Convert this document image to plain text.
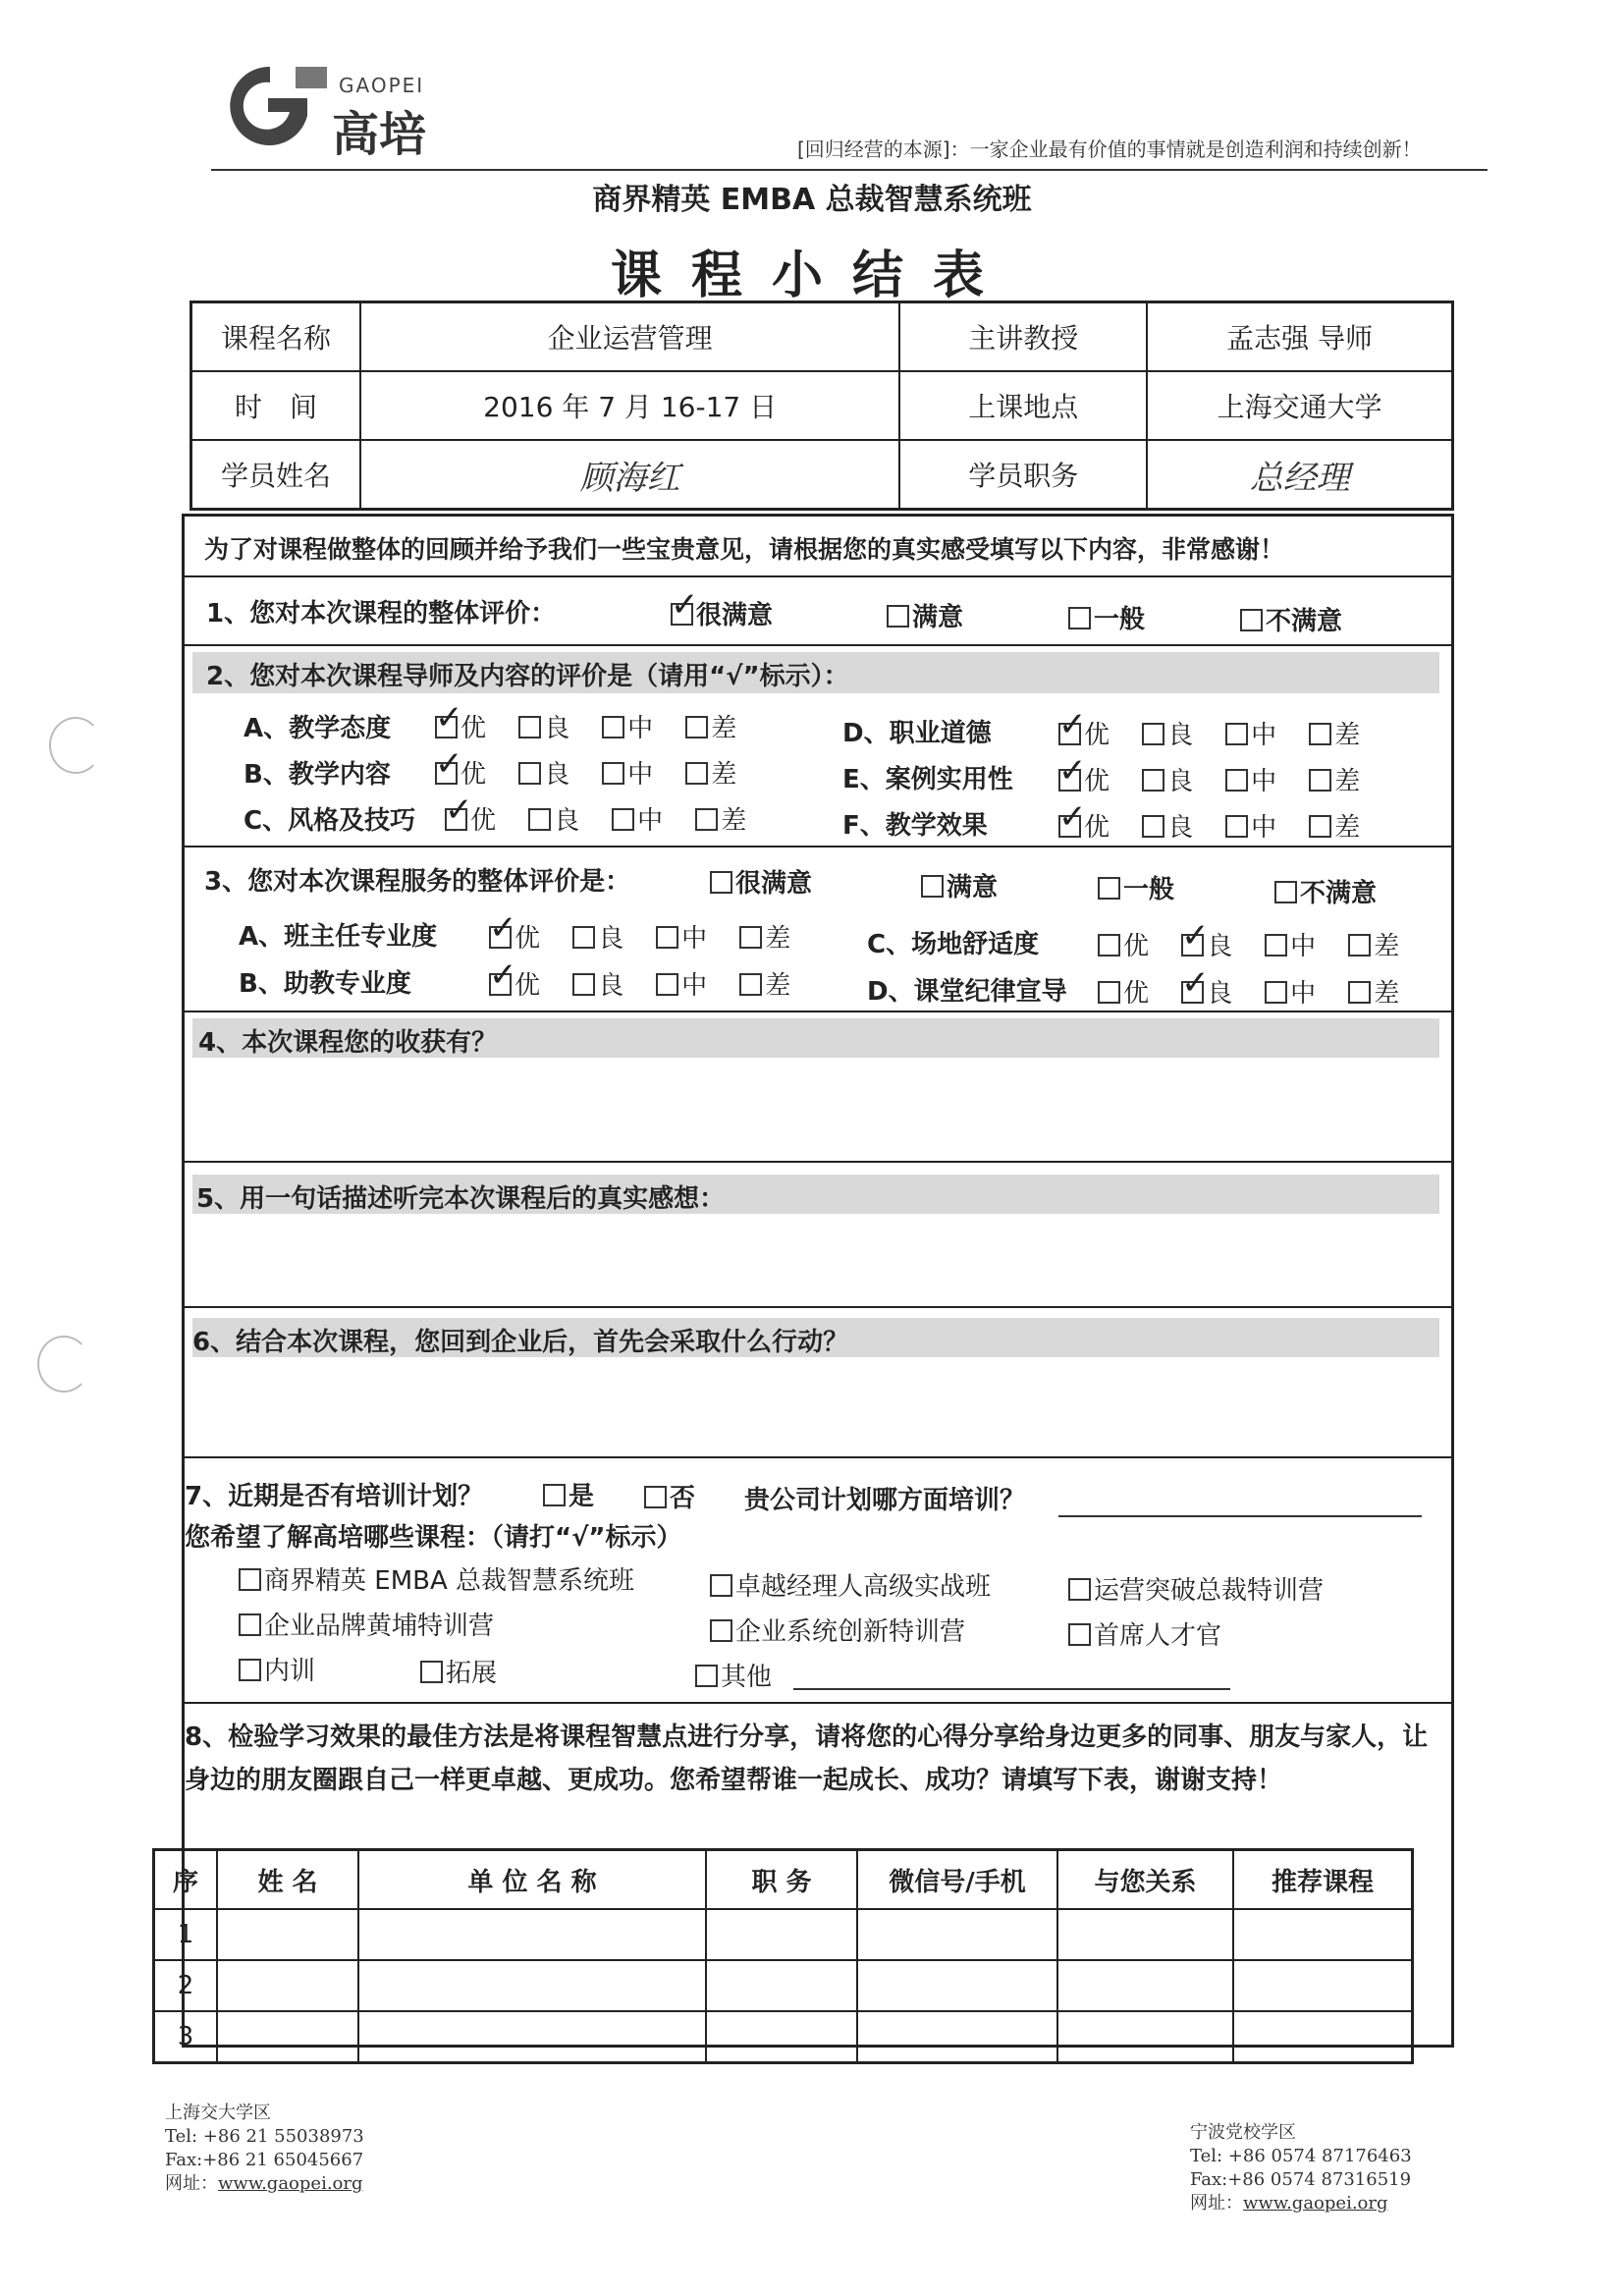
GAOPEI
高培	[回归经营的本源]：一家企业最有价值的事情就是创造利润和持续创新！
商界精英 EMBA 总裁智慧系统班
课程小结表
课程名称	企业运营管理	主讲教授	孟志强 导师
时　间	2016 年 7 月 16-17 日	上课地点	上海交通大学
学员姓名	顾海红	学员职务	总经理
为了对课程做整体的回顾并给予我们一些宝贵意见，请根据您的真实感受填写以下内容，非常感谢！
1、您对本次课程的整体评价： ✓	很满意	满意	一般	不满意
2、您对本次课程导师及内容的评价是（请用“√”标示）：
A、教学态度 ✓	优 良 中 差
B、教学内容 ✓	优 良 中 差
C、风格及技巧 ✓	优 良 中 差
D、职业道德 ✓	优 良 中 差
E、案例实用性 ✓	优 良 中 差
F、教学效果 ✓	优 良 中 差
3、您对本次课程服务的整体评价是：	很满意	满意	一般	不满意
A、班主任专业度 ✓	优 良 中 差
B、助教专业度 ✓	优 良 中 差
C、场地舒适度	优 ✓ 良 中 差
D、课堂纪律宣导	优 ✓ 良 中 差
4、本次课程您的收获有？
5、用一句话描述听完本次课程后的真实感想：
6、结合本次课程，您回到企业后，首先会采取什么行动？
7、近期是否有培训计划？	是	否 贵公司计划哪方面培训？
您希望了解高培哪些课程：（请打“√”标示）
商界精英 EMBA 总裁智慧系统班	卓越经理人高级实战班	运营突破总裁特训营
企业品牌黄埔特训营	企业系统创新特训营	首席人才官
内训	拓展	其他
8、检验学习效果的最佳方法是将课程智慧点进行分享，请将您的心得分享给身边更多的同事、朋友与家人，让身边的朋友圈跟自己一样更卓越、更成功。您希望帮谁一起成长、成功？请填写下表，谢谢支持！
序	姓 名	单 位 名 称	职 务	微信号/手机	与您关系	推荐课程
1						
2						
3						
上海交大学区
Tel: +86 21 55038973
Fax:+86 21 65045667
网址：www.gaopei.org
宁波党校学区
Tel: +86 0574 87176463
Fax:+86 0574 87316519
网址：www.gaopei.org
